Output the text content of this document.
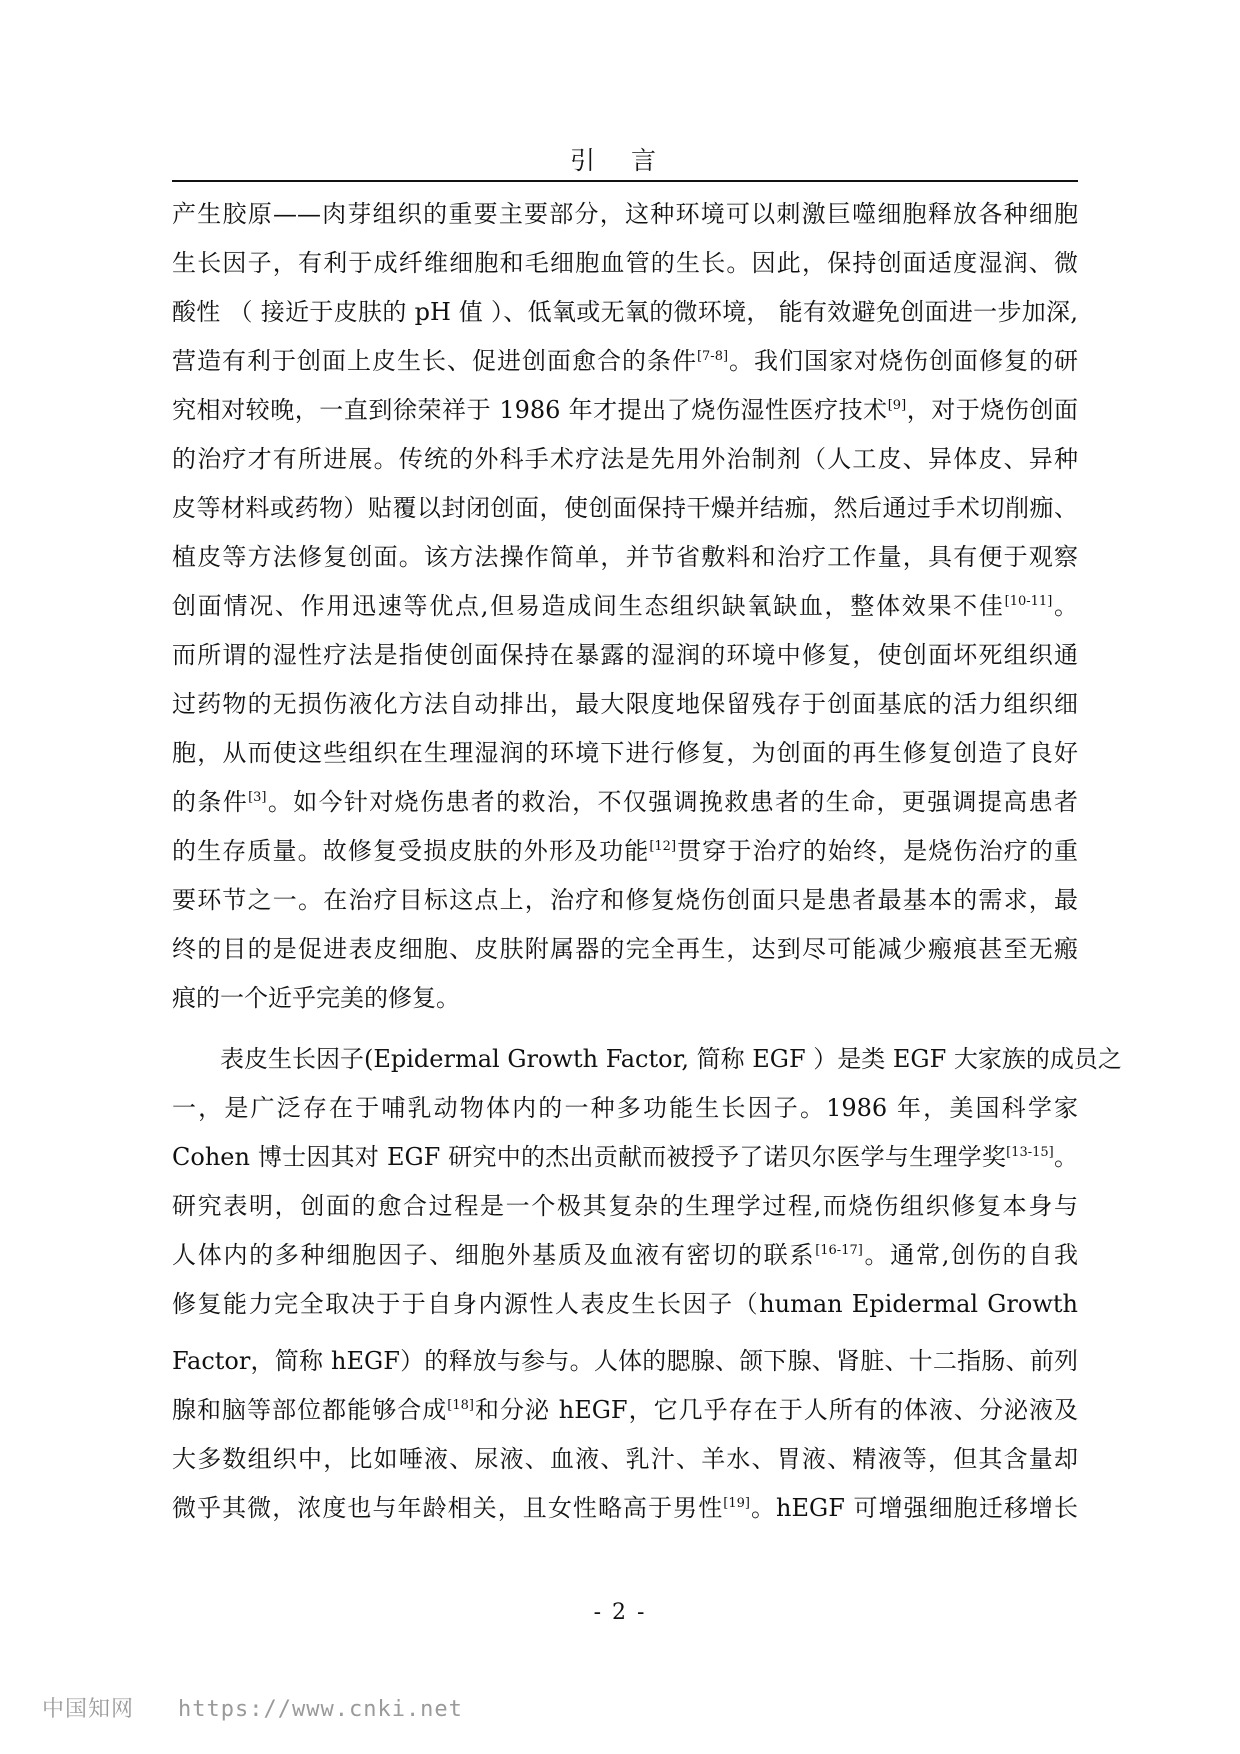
引 言

产生胶原——肉芽组织的重要主要部分，这种环境可以刺激巨噬细胞释放各种细胞

生长因子，有利于成纤维细胞和毛细胞血管的生长。因此，保持创面适度湿润、微

酸性 （ 接近于皮肤的 pH 值 ）、低氧或无氧的微环境， 能有效避免创面进一步加深,

营造有利于创面上皮生长、促进创面愈合的条件[7-8]。我们国家对烧伤创面修复的研

究相对较晚，一直到徐荣祥于 1986 年才提出了烧伤湿性医疗技术[9]，对于烧伤创面

的治疗才有所进展。传统的外科手术疗法是先用外治制剂（人工皮、异体皮、异种

皮等材料或药物）贴覆以封闭创面，使创面保持干燥并结痂，然后通过手术切削痂、

植皮等方法修复创面。该方法操作简单，并节省敷料和治疗工作量，具有便于观察

创面情况、作用迅速等优点,但易造成间生态组织缺氧缺血，整体效果不佳[10-11]。

而所谓的湿性疗法是指使创面保持在暴露的湿润的环境中修复，使创面坏死组织通

过药物的无损伤液化方法自动排出，最大限度地保留残存于创面基底的活力组织细

胞，从而使这些组织在生理湿润的环境下进行修复，为创面的再生修复创造了良好

的条件[3]。如今针对烧伤患者的救治，不仅强调挽救患者的生命，更强调提高患者

的生存质量。故修复受损皮肤的外形及功能[12]贯穿于治疗的始终，是烧伤治疗的重

要环节之一。在治疗目标这点上，治疗和修复烧伤创面只是患者最基本的需求，最

终的目的是促进表皮细胞、皮肤附属器的完全再生，达到尽可能减少瘢痕甚至无瘢

痕的一个近乎完美的修复。

表皮生长因子(Epidermal Growth Factor, 简称 EGF ）是类 EGF 大家族的成员之

一，是广泛存在于哺乳动物体内的一种多功能生长因子。1986 年，美国科学家

Cohen 博士因其对 EGF 研究中的杰出贡献而被授予了诺贝尔医学与生理学奖[13-15]。

研究表明，创面的愈合过程是一个极其复杂的生理学过程,而烧伤组织修复本身与

人体内的多种细胞因子、细胞外基质及血液有密切的联系[16-17]。通常,创伤的自我

修复能力完全取决于于自身内源性人表皮生长因子（human Epidermal Growth

Factor，简称 hEGF）的释放与参与。人体的腮腺、颌下腺、肾脏、十二指肠、前列

腺和脑等部位都能够合成[18]和分泌 hEGF，它几乎存在于人所有的体液、分泌液及

大多数组织中，比如唾液、尿液、血液、乳汁、羊水、胃液、精液等，但其含量却

微乎其微，浓度也与年龄相关，且女性略高于男性[19]。hEGF 可增强细胞迁移增长

- 2 -
中国知网 https://www.cnki.net
